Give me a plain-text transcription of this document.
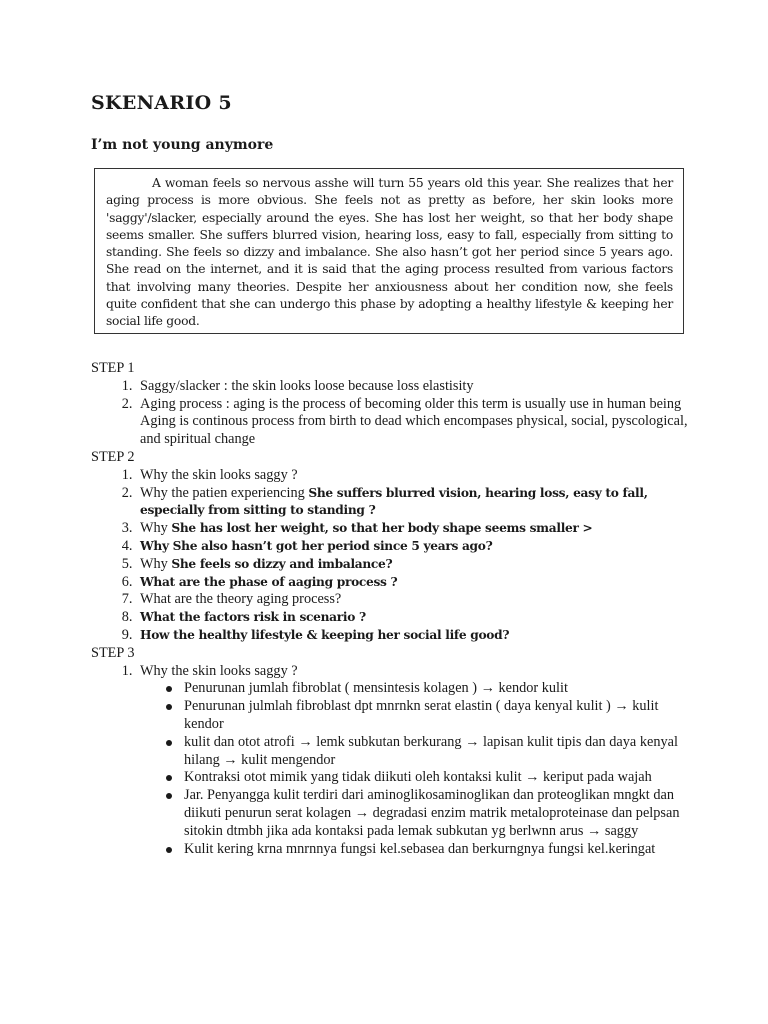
SKENARIO 5
I’m not young anymore

A woman feels so nervous asshe will turn 55 years old this year. She realizes that her aging process is more obvious. She feels not as pretty as before, her skin looks more 'saggy'/slacker, especially around the eyes. She has lost her weight, so that her body shape seems smaller. She suffers blurred vision, hearing loss, easy to fall, especially from sitting to standing. She feels so dizzy and imbalance. She also hasn’t got her period since 5 years ago. She read on the internet, and it is said that the aging process resulted from various factors that involving many theories. Despite her anxiousness about her condition now, she feels quite confident that she can undergo this phase by adopting a healthy lifestyle & keeping her social life good.

STEP 1

1. Saggy/slacker : the skin looks loose because loss elastisity
2. Aging process : aging is the process of becoming older this term is usually use in human being
Aging is continous process from birth to dead which encompases physical, social, pyscological, and spiritual change

STEP 2

1. Why the skin looks saggy ?
2. Why the patien experiencing She suffers blurred vision, hearing loss, easy to fall, especially from sitting to standing ?
3. Why She has lost her weight, so that her body shape seems smaller >
4. Why She also hasn’t got her period since 5 years ago?
5. Why She feels so dizzy and imbalance?
6. What are the phase of aaging process ?
7. What are the theory aging process?
8. What the factors risk in scenario ?
9. How the healthy lifestyle & keeping her social life good?

STEP 3

1. Why the skin looks saggy ?
Penurunan jumlah fibroblat ( mensintesis kolagen ) → kendor kulit
Penurunan julmlah fibroblast dpt mnrnkn serat elastin ( daya kenyal kulit ) → kulit kendor
kulit dan otot atrofi → lemk subkutan berkurang → lapisan kulit tipis dan daya kenyal hilang → kulit mengendor
Kontraksi otot mimik yang tidak diikuti oleh kontaksi kulit → keriput pada wajah
Jar. Penyangga kulit terdiri dari aminoglikosaminoglikan dan proteoglikan mngkt dan diikuti penurun serat kolagen → degradasi enzim matrik metaloproteinase dan pelpsan sitokin dtmbh jika ada kontaksi pada lemak subkutan yg berlwnn arus → saggy
Kulit kering krna mnrnnya fungsi kel.sebasea dan berkurngnya fungsi kel.keringat
